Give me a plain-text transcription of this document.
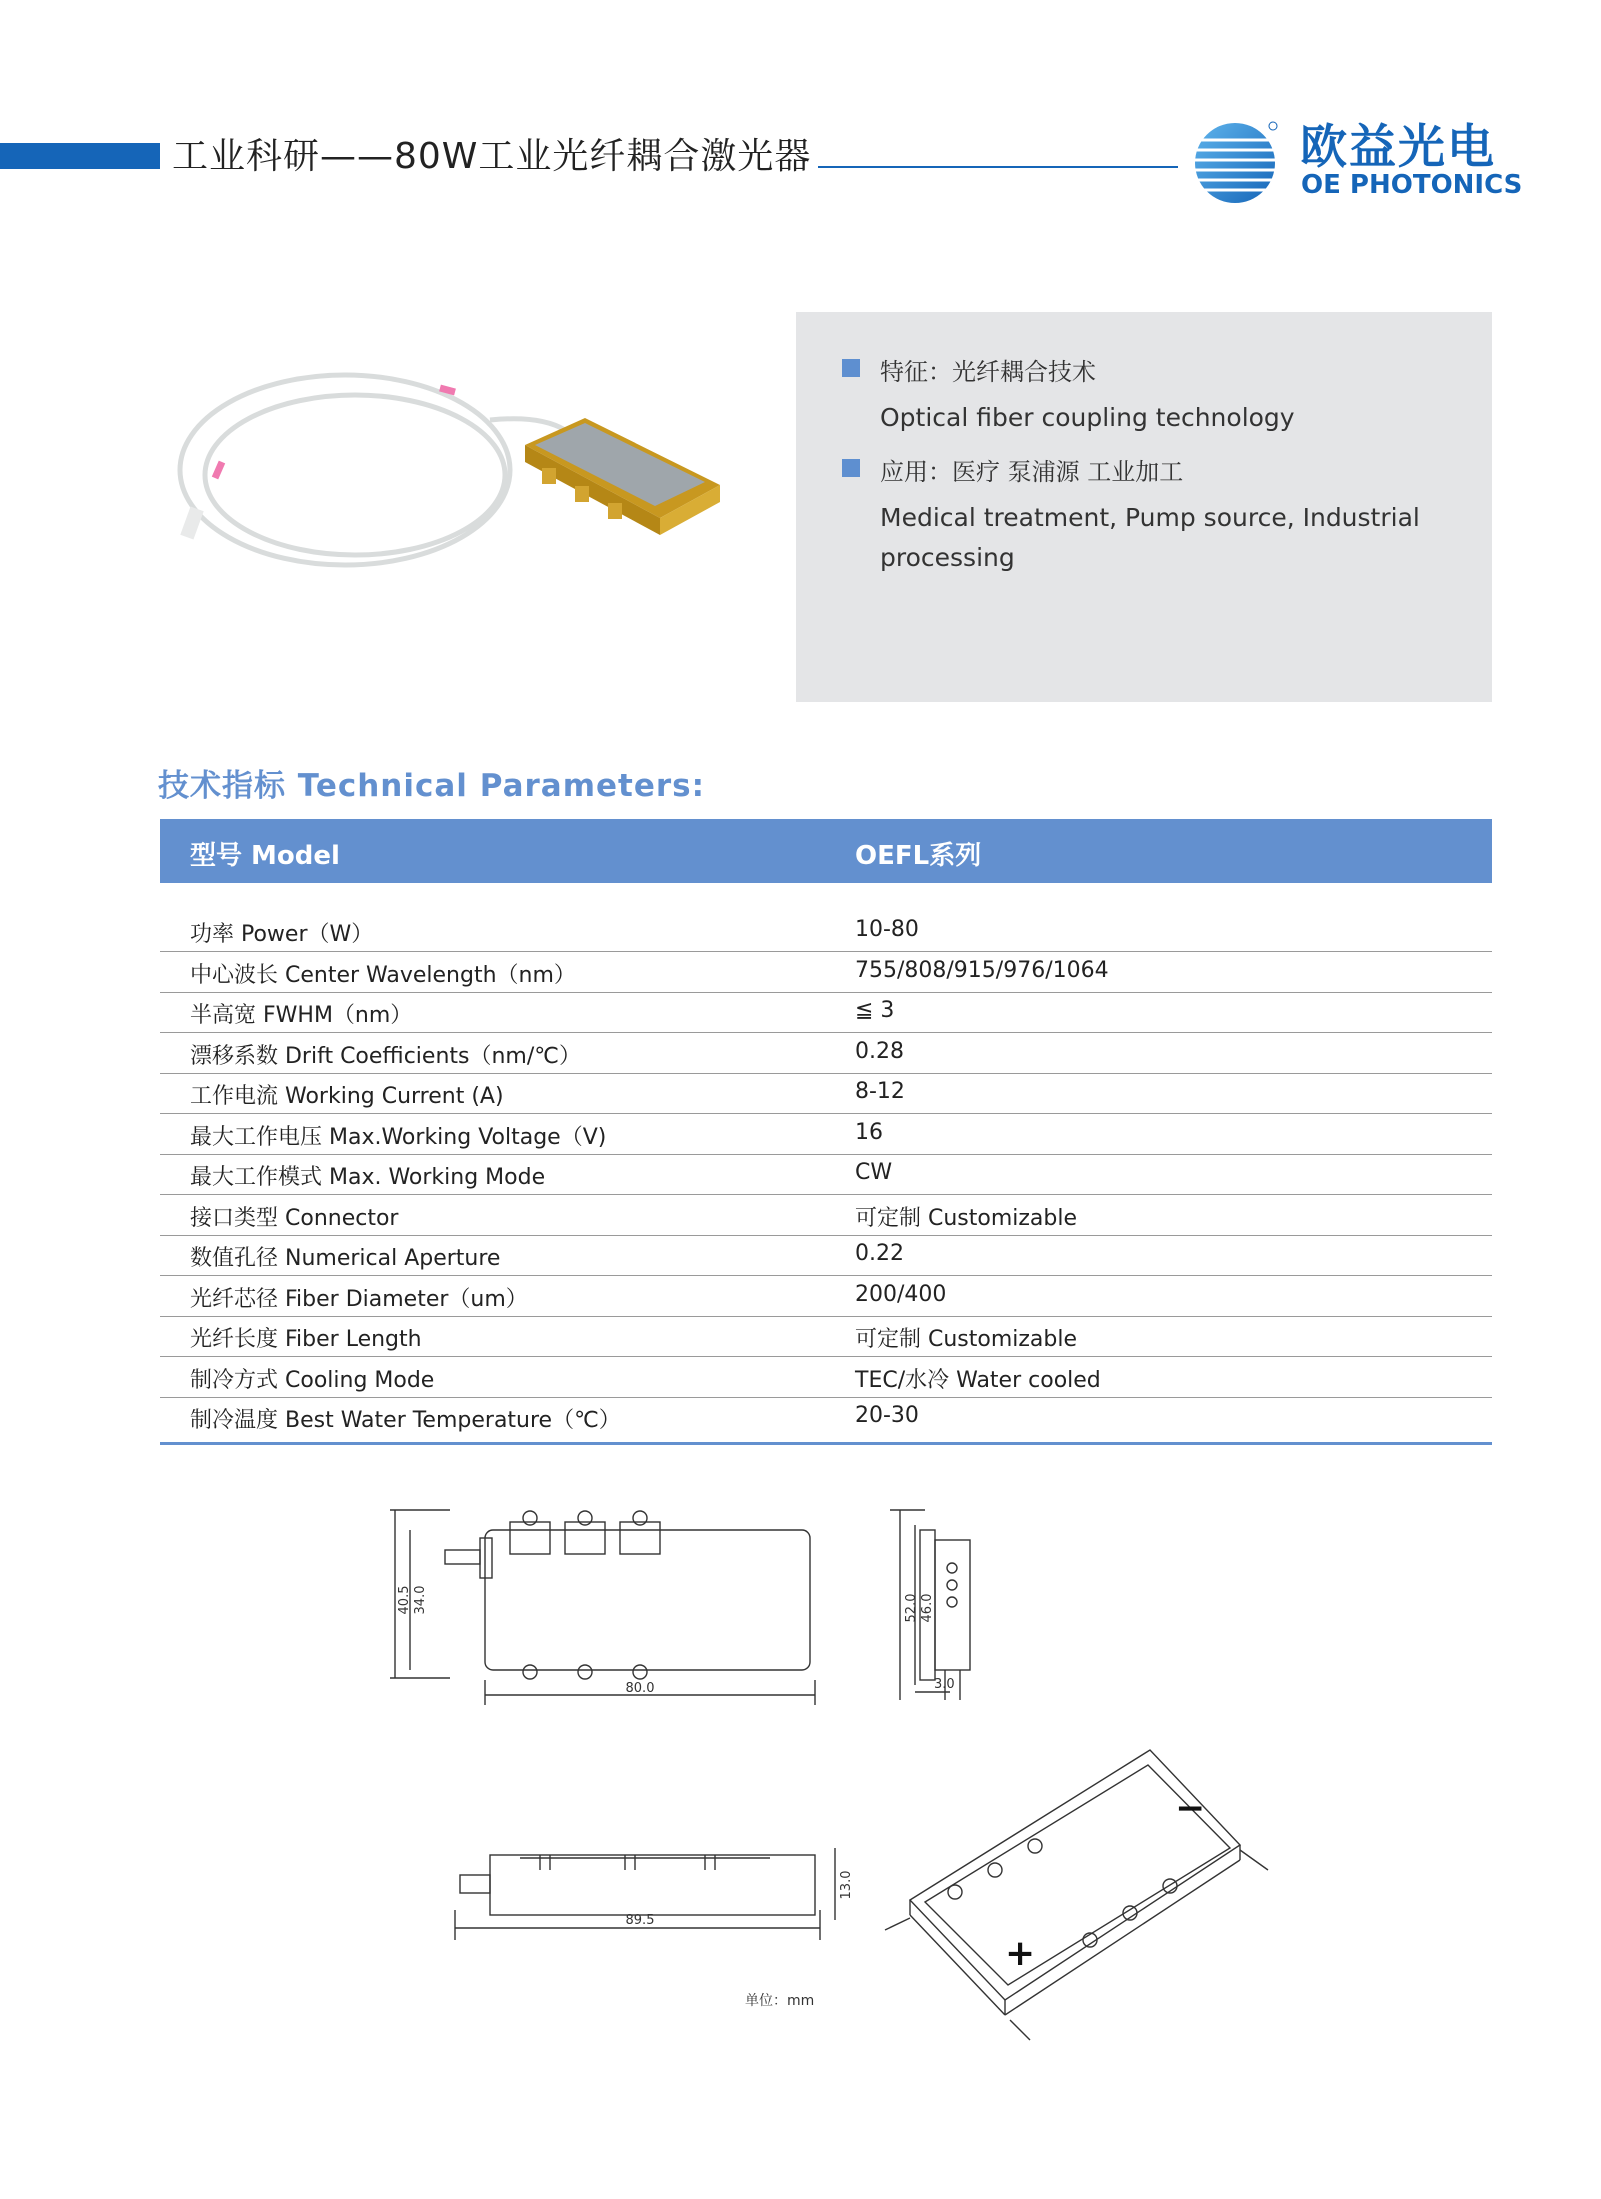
工业科研——80W工业光纤耦合激光器	欧益光电
OE PHOTONICS
特征：光纤耦合技术
Optical fiber coupling technology
应用：医疗 泵浦源 工业加工
Medical treatment, Pump source, Industrial processing
技术指标 Technical Parameters:
型号 Model	OEFL系列
功率 Power（W）	10-80
中心波长 Center Wavelength（nm）	755/808/915/976/1064
半高宽 FWHM（nm）	≦ 3
漂移系数 Drift Coefficients（nm/℃）	0.28
工作电流 Working Current (A)	8-12
最大工作电压 Max.Working Voltage（V)	16
最大工作模式 Max. Working Mode	CW
接口类型 Connector	可定制 Customizable
数值孔径 Numerical Aperture	0.22
光纤芯径 Fiber Diameter（um）	200/400
光纤长度 Fiber Length	可定制 Customizable
制冷方式 Cooling Mode	TEC/水冷 Water cooled
制冷温度 Best Water Temperature（℃）	20-30
40.5 34.0
80.0
52.0 46.0
3.0
13.0
89.5
−
+
单位：mm
